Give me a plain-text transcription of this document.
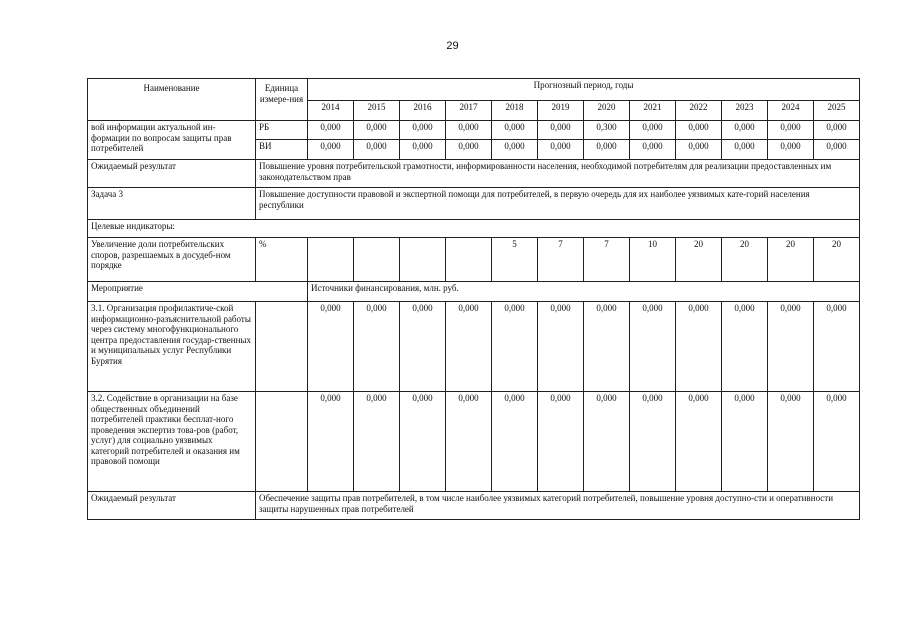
29
Наименование	Единица измере-ния	Прогнозный период, годы											
		2014	2015	2016	2017	2018	2019	2020	2021	2022	2023	2024	2025
вой информации актуальной ин-формации по вопросам защиты прав потребителей	РБ	0,000	0,000	0,000	0,000	0,000	0,000	0,300	0,000	0,000	0,000	0,000	0,000
	ВИ	0,000	0,000	0,000	0,000	0,000	0,000	0,000	0,000	0,000	0,000	0,000	0,000
Ожидаемый результат	Повышение уровня потребительской грамотности, информированности населения, необходимой потребителям для реализации предоставленных им законодательством прав												
Задача 3	Повышение доступности правовой и экспертной помощи для потребителей, в первую очередь для их наиболее уязвимых кате-горий населения республики												
Целевые индикаторы:													
Увеличение доли потребительских споров, разрешаемых в досудеб-ном порядке	%					5	7	7	10	20	20	20	20
Мероприятие		Источники финансирования, млн. руб.											
3.1. Организация профилактиче-ской информационно-разъяснительной работы через систему многофункционального центра предоставления государ-ственных и муниципальных услуг Республики Бурятия		0,000	0,000	0,000	0,000	0,000	0,000	0,000	0,000	0,000	0,000	0,000	0,000
3.2. Содействие в организации на базе общественных объединений потребителей практики бесплат-ного проведения экспертиз това-ров (работ, услуг) для социально уязвимых категорий потребителей и оказания им правовой помощи		0,000	0,000	0,000	0,000	0,000	0,000	0,000	0,000	0,000	0,000	0,000	0,000
Ожидаемый результат	Обеспечение защиты прав потребителей, в том числе наиболее уязвимых категорий потребителей, повышение уровня доступно-сти и оперативности защиты нарушенных прав потребителей												
